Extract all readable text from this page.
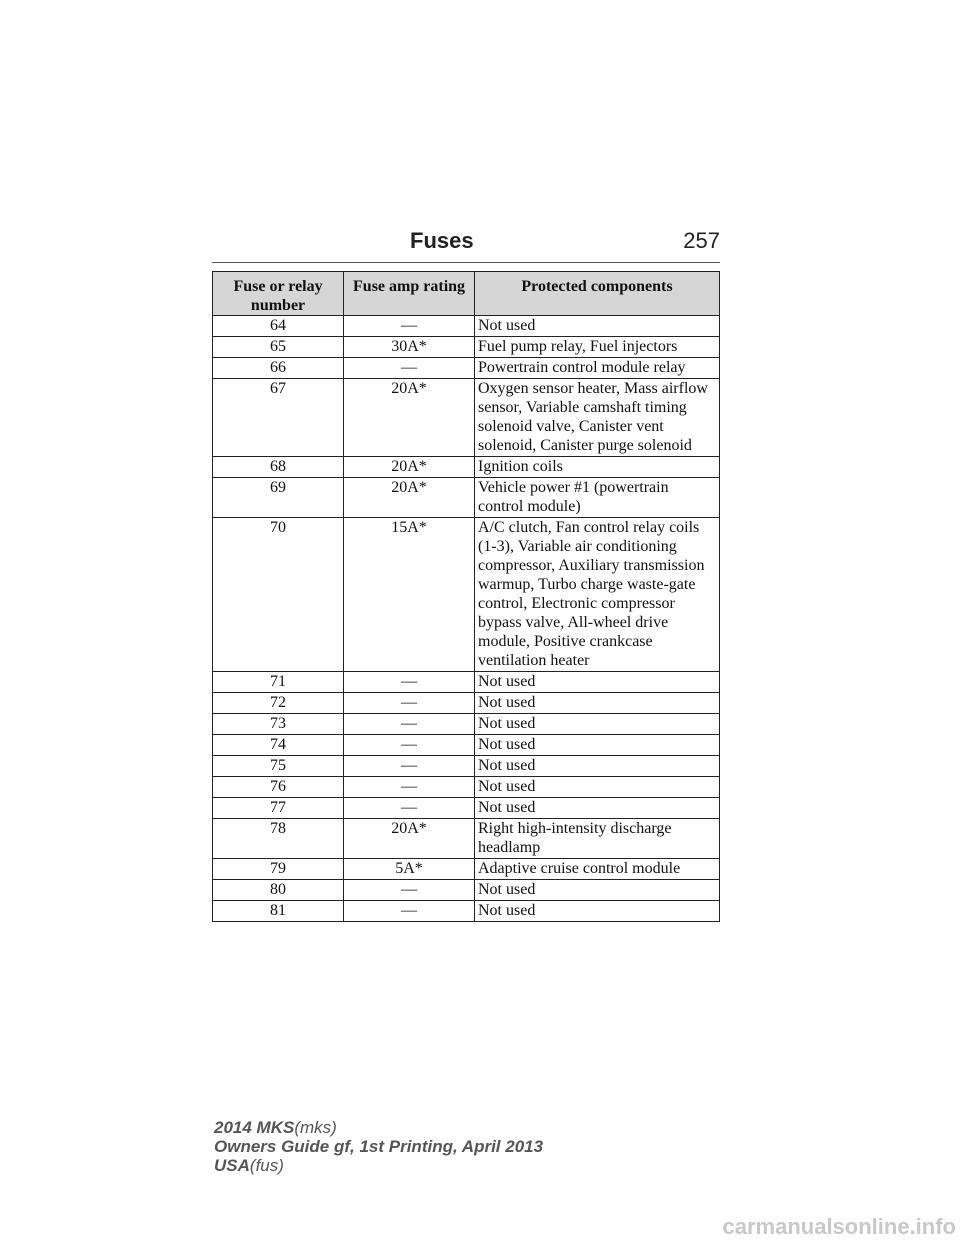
Fuses	257
Fuse or relay number	Fuse amp rating	Protected components
64	—	Not used
65	30A*	Fuel pump relay, Fuel injectors
66	—	Powertrain control module relay
67	20A*	Oxygen sensor heater, Mass airflow sensor, Variable camshaft timing solenoid valve, Canister vent solenoid, Canister purge solenoid
68	20A*	Ignition coils
69	20A*	Vehicle power #1 (powertrain control module)
70	15A*	A/C clutch, Fan control relay coils (1-3), Variable air conditioning compressor, Auxiliary transmission warmup, Turbo charge waste-gate control, Electronic compressor bypass valve, All-wheel drive module, Positive crankcase ventilation heater
71	—	Not used
72	—	Not used
73	—	Not used
74	—	Not used
75	—	Not used
76	—	Not used
77	—	Not used
78	20A*	Right high-intensity discharge headlamp
79	5A*	Adaptive cruise control module
80	—	Not used
81	—	Not used
2014 MKS(mks)
Owners Guide gf, 1st Printing, April 2013
USA(fus)
carmanualsonline.info
